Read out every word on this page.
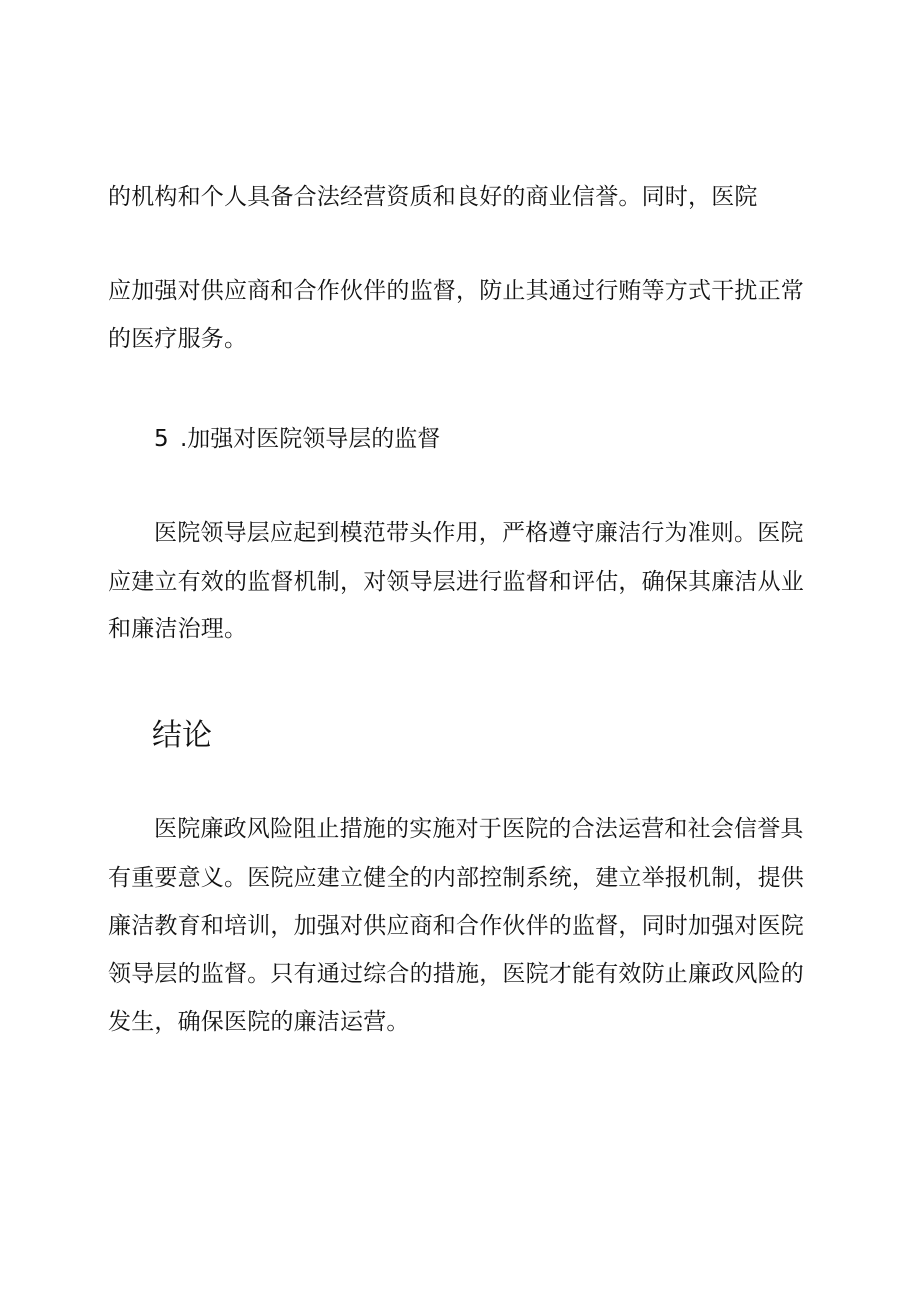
的机构和个人具备合法经营资质和良好的商业信誉。同时，医院
应加强对供应商和合作伙伴的监督，防止其通过行贿等方式干扰正常
的医疗服务。
5 .加强对医院领导层的监督
医院领导层应起到模范带头作用，严格遵守廉洁行为准则。医院
应建立有效的监督机制，对领导层进行监督和评估，确保其廉洁从业
和廉洁治理。
结论
医院廉政风险阻止措施的实施对于医院的合法运营和社会信誉具
有重要意义。医院应建立健全的内部控制系统，建立举报机制，提供
廉洁教育和培训，加强对供应商和合作伙伴的监督，同时加强对医院
领导层的监督。只有通过综合的措施，医院才能有效防止廉政风险的
发生，确保医院的廉洁运营。
